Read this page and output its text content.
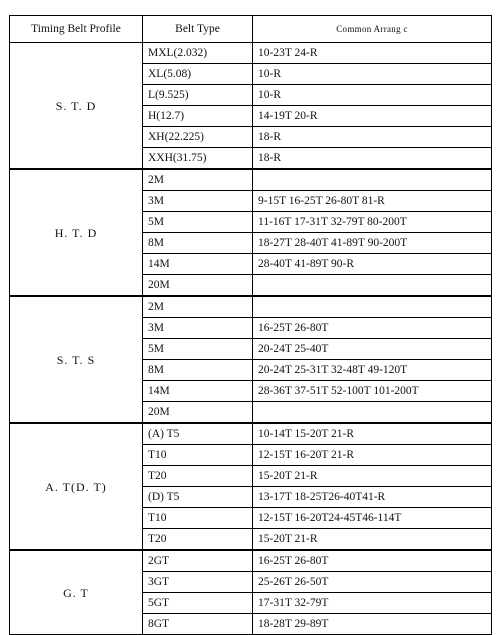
Timing Belt Profile	Belt Type	Common Arrang c
S. T. D	MXL(2.032)	10-23T 24-R
	XL(5.08)	10-R
	L(9.525)	10-R
	H(12.7)	14-19T 20-R
	XH(22.225)	18-R
	XXH(31.75)	18-R
H. T. D	2M	
	3M	9-15T 16-25T 26-80T 81-R
	5M	11-16T 17-31T 32-79T 80-200T
	8M	18-27T 28-40T 41-89T 90-200T
	14M	28-40T 41-89T 90-R
	20M	
S. T. S	2M	
	3M	16-25T 26-80T
	5M	20-24T 25-40T
	8M	20-24T 25-31T 32-48T 49-120T
	14M	28-36T 37-51T 52-100T 101-200T
	20M	
A. T(D. T)	(A) T5	10-14T 15-20T 21-R
	T10	12-15T 16-20T 21-R
	T20	15-20T 21-R
	(D) T5	13-17T 18-25T26-40T41-R
	T10	12-15T 16-20T24-45T46-114T
	T20	15-20T 21-R
G. T	2GT	16-25T 26-80T
	3GT	25-26T 26-50T
	5GT	17-31T 32-79T
	8GT	18-28T 29-89T
